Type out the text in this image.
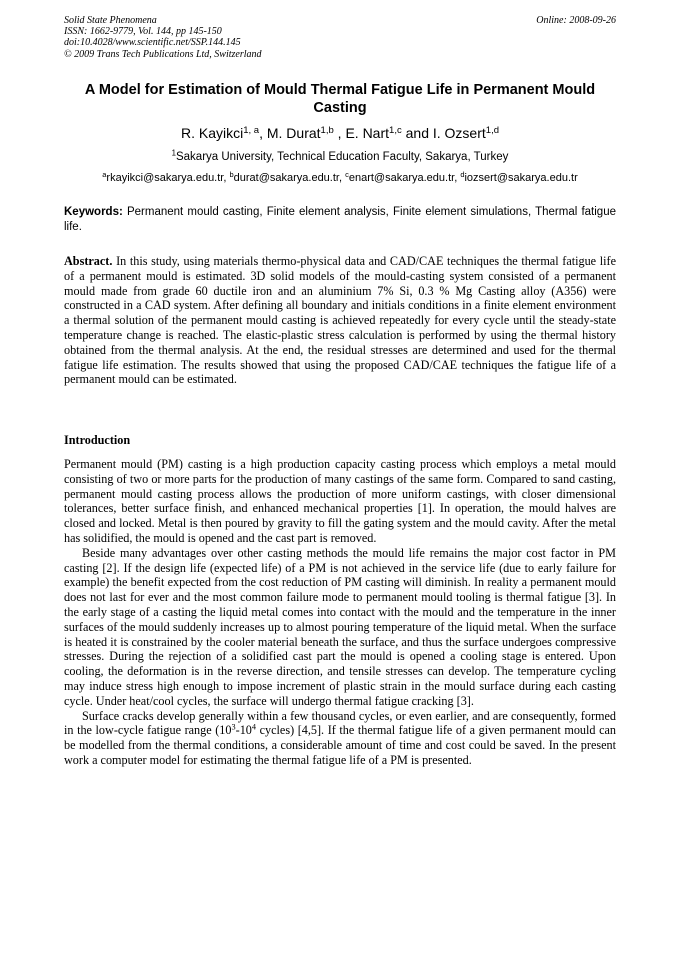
Solid State Phenomena
ISSN: 1662-9779, Vol. 144, pp 145-150
doi:10.4028/www.scientific.net/SSP.144.145
© 2009 Trans Tech Publications Ltd, Switzerland
Online: 2008-09-26
A Model for Estimation of Mould Thermal Fatigue Life in Permanent Mould Casting
R. Kayikci$^{1, a}$, M. Durat$^{1,b}$ , E. Nart$^{1,c}$ and I. Ozsert$^{1,d}$
$^1$Sakarya University, Technical Education Faculty, Sakarya, Turkey
$^a$rkayikci@sakarya.edu.tr, $^b$durat@sakarya.edu.tr, $^c$enart@sakarya.edu.tr, $^d$iozsert@sakarya.edu.tr
Keywords: Permanent mould casting, Finite element analysis, Finite element simulations, Thermal fatigue life.
Abstract. In this study, using materials thermo-physical data and CAD/CAE techniques the thermal fatigue life of a permanent mould is estimated. 3D solid models of the mould-casting system consisted of a permanent mould made from grade 60 ductile iron and an aluminium 7% Si, 0.3 % Mg Casting alloy (A356) were constructed in a CAD system. After defining all boundary and initials conditions in a finite element environment a thermal solution of the permanent mould casting is achieved repeatedly for every cycle until the steady-state temperature change is reached. The elastic-plastic stress calculation is performed by using the thermal history obtained from the thermal analysis. At the end, the residual stresses are determined and used for the thermal fatigue life estimation. The results showed that using the proposed CAD/CAE techniques the fatigue life of a permanent mould can be estimated.
Introduction

Permanent mould (PM) casting is a high production capacity casting process which employs a metal mould consisting of two or more parts for the production of many castings of the same form. Compared to sand casting, permanent mould casting process allows the production of more uniform castings, with closer dimensional tolerances, better surface finish, and enhanced mechanical properties [1]. In operation, the mould halves are closed and locked. Metal is then poured by gravity to fill the gating system and the mould cavity. After the metal has solidified, the mould is opened and the cast part is removed.

Beside many advantages over other casting methods the mould life remains the major cost factor in PM casting [2]. If the design life (expected life) of a PM is not achieved in the service life (due to early failure for example) the benefit expected from the cost reduction of PM casting will diminish. In reality a permanent mould does not last for ever and the most common failure mode to permanent mould tooling is thermal fatigue [3]. In the early stage of a casting the liquid metal comes into contact with the mould and the temperature in the inner surfaces of the mould suddenly increases up to almost pouring temperature of the liquid metal. When the surface is heated it is constrained by the cooler material beneath the surface, and thus the surface undergoes compressive stresses. During the rejection of a solidified cast part the mould is opened a cooling stage is entered. Upon cooling, the deformation is in the reverse direction, and tensile stresses can develop. The temperature cycling may induce stress high enough to impose increment of plastic strain in the mould surface during each casting cycle. Under heat/cool cycles, the surface will undergo thermal fatigue cracking [3].

Surface cracks develop generally within a few thousand cycles, or even earlier, and are consequently, formed in the low-cycle fatigue range ($10^3-10^4$ cycles) [4,5]. If the thermal fatigue life of a given permanent mould can be modelled from the thermal conditions, a considerable amount of time and cost could be saved. In the present work a computer model for estimating the thermal fatigue life of a PM is presented.
